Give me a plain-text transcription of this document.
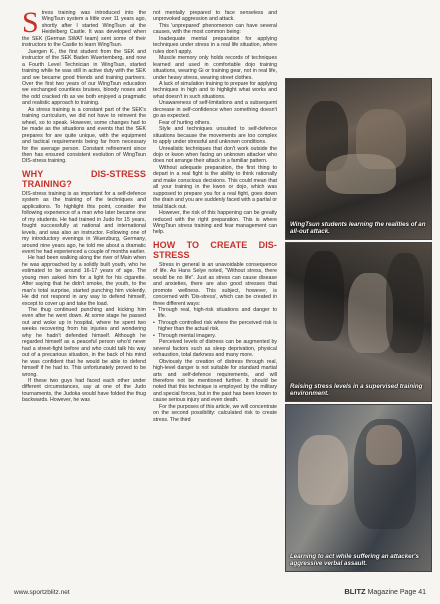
Stress training was introduced into the WingTsun system a little over 11 years ago, shortly after I started WingTsun at the Heidelberg Castle. It was developed when the SEK (German SWAT team) sent some of their instructors to the Castle to learn WingTsun.

Juergen K., the first student from the SEK and instructor of the SEK Baden Wuertemberg, and now a Fourth Level Technician in WingTsun, started training while he was still in active duty with the SEK and we became good friends and training partners. Over the first two years of our WingTsun education we exchanged countless bruises, bloody noses and the odd cracked rib as we both enjoyed a pragmatic and realistic approach to training.

As stress training is a constant part of the SEK's training curriculum, we did not have to reinvent the wheel, so to speak. However, some changes had to be made as the situations and events that the SEK prepares for are quite unique, with the equipment and tactical requirements being far from necessary for the average person. Constant refinement since then has ensured consistent evolution of WingTsun DIS-stress training.

WHY DIS-STRESS TRAINING?

DIS-stress training is as important for a self-defence system as the training of the techniques and applications. To highlight this point, consider the following experience of a man who later became one of my students. He had trained in Judo for 15 years, fought successfully at national and international levels, and was also an instructor. Following one of my introductory evenings in Wuerzburg, Germany, around nine years ago, he told me about a dramatic event he had experienced a couple of months earlier.

He had been walking along the river of Main when he was approached by a solidly built youth, who he estimated to be around 16-17 years of age. The young men asked him for a light for his cigarette. After saying that he didn't smoke, the youth, to the man's total surprise, started punching him violently. He did not respond in any way to defend himself, except to cover up and take the load.

The thug continued punching and kicking him even after he went down. At some stage he passed out and woke up in hospital, where he spent two weeks recovering from his injuries and wondering why he hadn't defended himself. Although he regarded himself as a peaceful person who'd never had a street-fight before and who could talk his way out of a precarious situation, in the back of his mind he was confident that he would be able to defend himself if he had to. This unfortunately proved to be wrong.

If these two guys had faced each other under different circumstances, say at one of the Judo tournaments, the Judoka would have folded the thug backwards. However, he was

not mentally prepared to face senseless and unprovoked aggression and attack.

This 'unprepared' phenomenon can have several causes, with the most common being:

Inadequate mental preparation for applying techniques under stress in a real life situation, where rules don't apply.

Muscle memory only holds records of techniques learned and used in comfortable dojo training situations, wearing Gi or training gear, not in real life, under heavy stress, wearing street clothes.

A lack of simulation training to prepare for applying techniques in high and to highlight what works and what doesn't in such situations.

Unawareness of self-limitations and a subsequent decrease in self-confidence when something doesn't go as expected.

Fear of hurting others.

Style and techniques unsuited to self-defence situations because the movements are too complex to apply under stressful and unknown conditions.

Unrealistic techniques that don't work outside the dojo or kwon when facing an unknown attacker who does not arrange their attack in a familiar pattern.

Without adequate preparation, the first thing to depart in a real fight is the ability to think rationally and make conscious decisions. This could mean that all your training in the kwon or dojo, which was supposed to prepare you for a real fight, goes down the drain and you are suddenly faced with a partial or total black out.

However, the risk of this happening can be greatly reduced with the right preparation. This is where WingTsun stress training and fear management can help.

HOW TO CREATE DIS-STRESS

Stress in general is an unavoidable consequence of life. As Hans Selye noted, "Without stress, there would be no life". Just as stress can cause disease and anxieties, there are also good stresses that promote wellness. This subject, however, is concerned with 'Dis-stress', which can be created in three different ways:

• Through real, high-risk situations and danger to life.
• Through controlled risk where the perceived risk is higher than the actual risk.
• Through mental imagery.

Perceived levels of distress can be augmented by several factors such as sleep deprivation, physical exhaustion, total darkness and many more.

Obviously the creation of distress through real, high-level danger is not suitable for standard martial arts and self-defence requirements, and will therefore not be mentioned further. It should be noted that this technique is employed by the military and special forces, but in the past has been known to cause serious injury and even death.

For the purposes of this article, we will concentrate on the second possibility: calculated risk to create stress. The third

WingTsun students learning the realities of an all-out attack.
Raising stress levels in a supervised training environment.
Learning to act while suffering an attacker's aggressive verbal assault.
www.sportzblitz.net	BLITZ Magazine Page 41
